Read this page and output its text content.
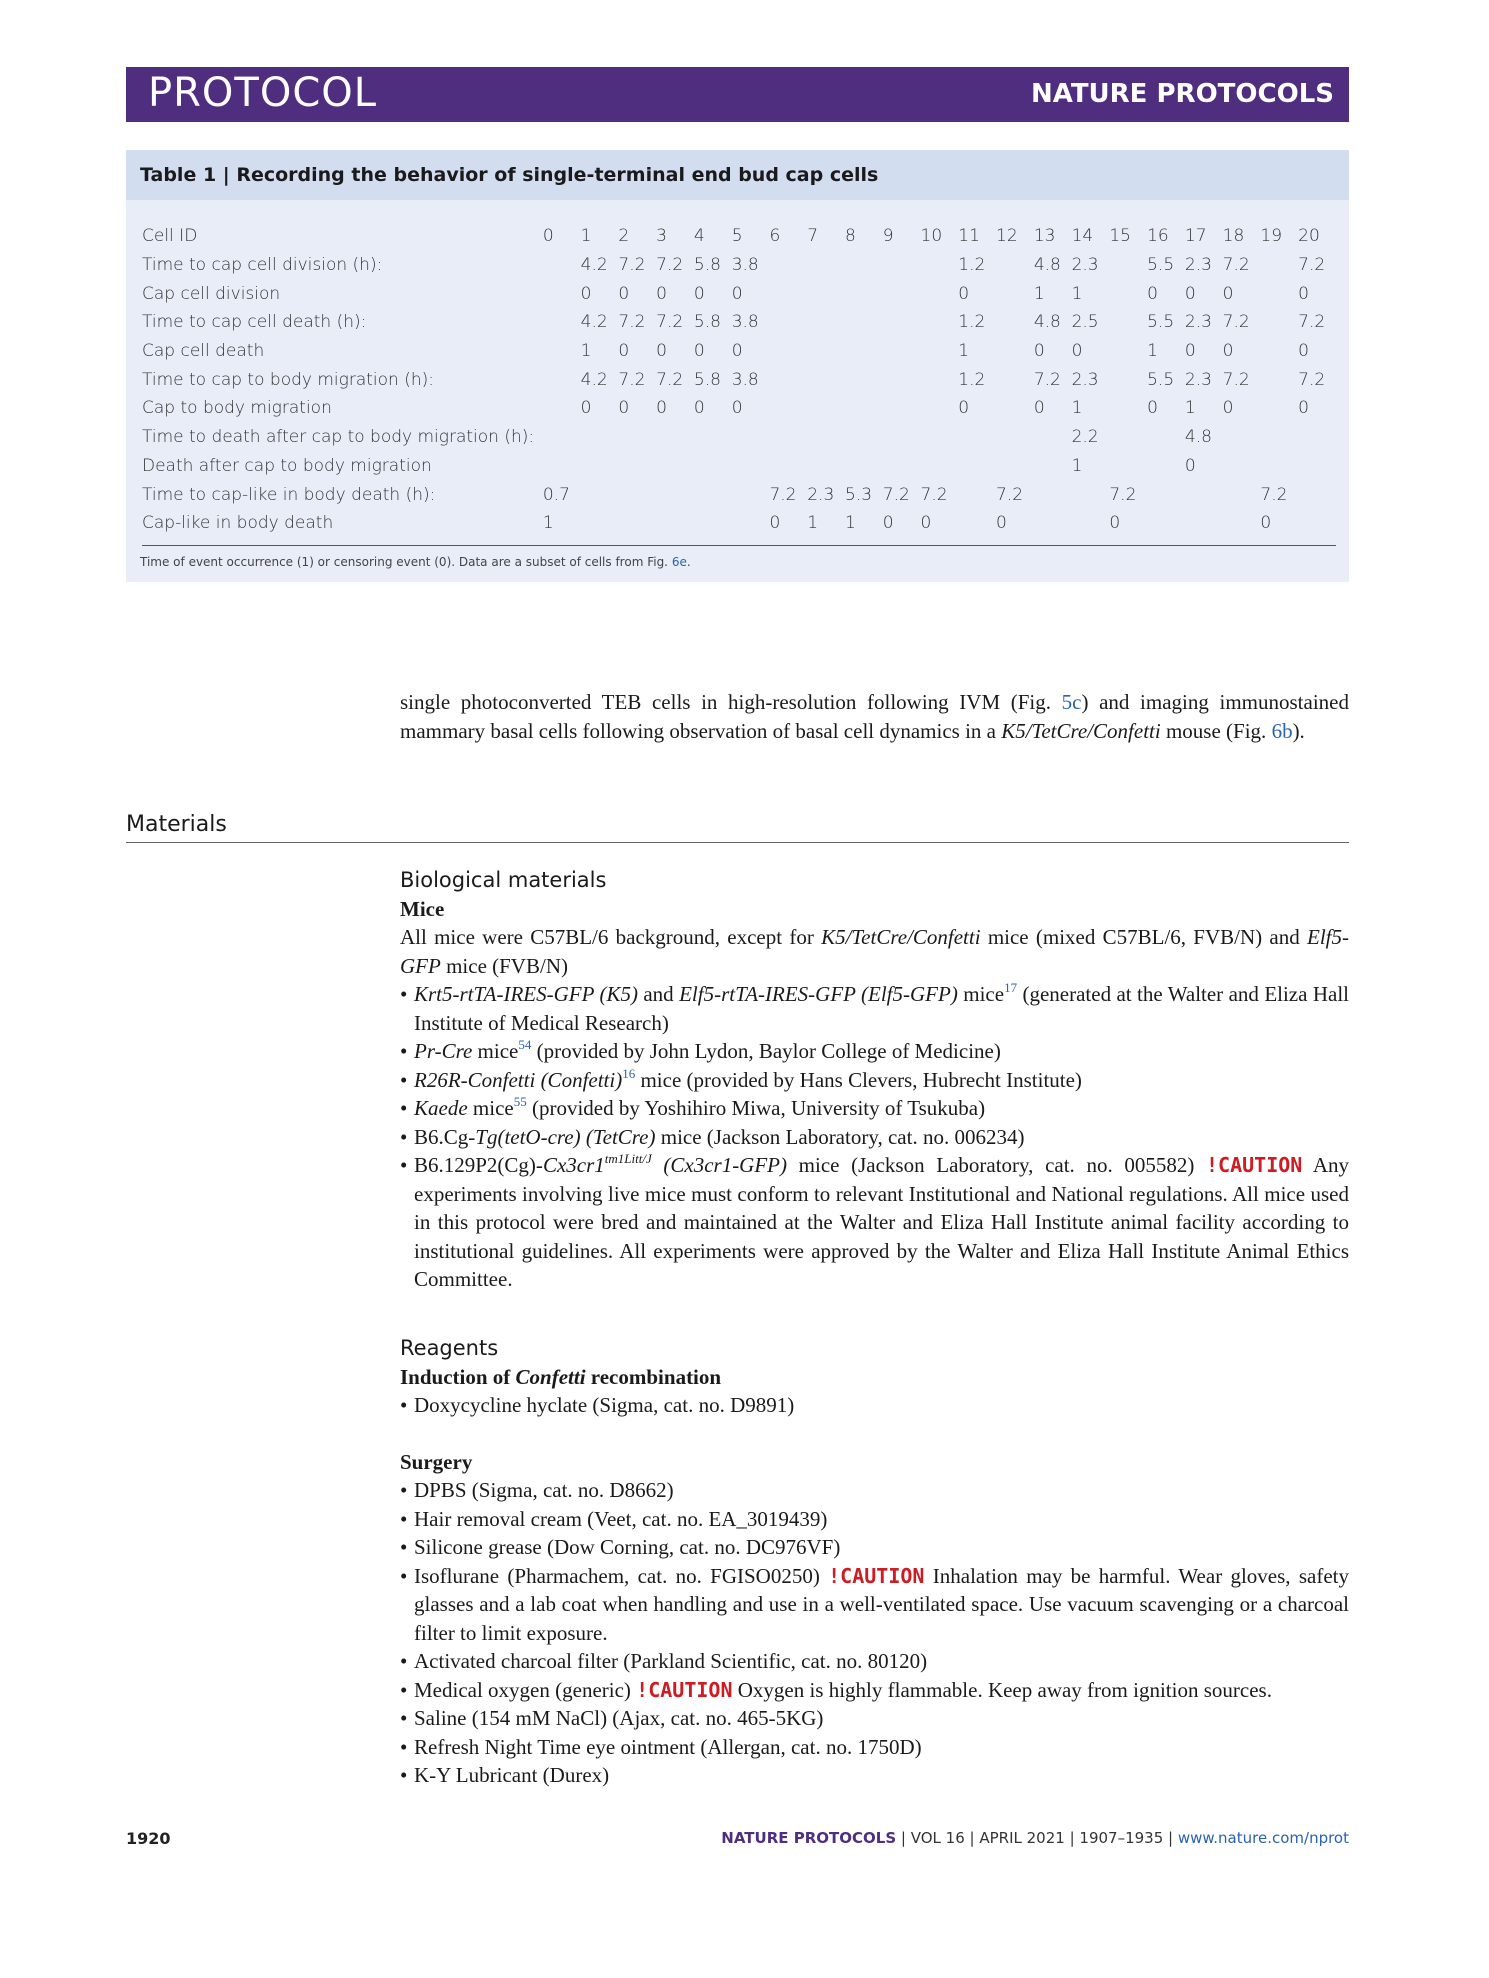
PROTOCOL	NATURE PROTOCOLS
Table 1 | Recording the behavior of single-terminal end bud cap cells
Cell ID	0	1	2	3	4	5	6	7	8	9	10	11	12	13	14	15	16	17	18	19	20
Time to cap cell division (h):		4.2	7.2	7.2	5.8	3.8						1.2		4.8	2.3		5.5	2.3	7.2		7.2
Cap cell division		0	0	0	0	0						0		1	1		0	0	0		0
Time to cap cell death (h):		4.2	7.2	7.2	5.8	3.8						1.2		4.8	2.5		5.5	2.3	7.2		7.2
Cap cell death		1	0	0	0	0						1		0	0		1	0	0		0
Time to cap to body migration (h):		4.2	7.2	7.2	5.8	3.8						1.2		7.2	2.3		5.5	2.3	7.2		7.2
Cap to body migration		0	0	0	0	0						0		0	1		0	1	0		0
Time to death after cap to body migration (h):															2.2			4.8			
Death after cap to body migration															1			0			
Time to cap-like in body death (h):	0.7						7.2	2.3	5.3	7.2	7.2		7.2			7.2				7.2	
Cap-like in body death	1						0	1	1	0	0		0			0				0	
Time of event occurrence (1) or censoring event (0). Data are a subset of cells from Fig. 6e.
single photoconverted TEB cells in high-resolution following IVM (Fig. 5c) and imaging immunostained mammary basal cells following observation of basal cell dynamics in a K5/TetCre/Confetti mouse (Fig. 6b).
Materials

Biological materials

Mice

All mice were C57BL/6 background, except for K5/TetCre/Confetti mice (mixed C57BL/6, FVB/N) and Elf5-GFP mice (FVB/N)

• Krt5-rtTA-IRES-GFP (K5) and Elf5-rtTA-IRES-GFP (Elf5-GFP) mice$^{17}$ (generated at the Walter and Eliza Hall Institute of Medical Research)

• Pr-Cre mice$^{54}$ (provided by John Lydon, Baylor College of Medicine)

• R26R-Confetti (Confetti)$^{16}$ mice (provided by Hans Clevers, Hubrecht Institute)

• Kaede mice$^{55}$ (provided by Yoshihiro Miwa, University of Tsukuba)

• B6.Cg-Tg(tetO-cre) (TetCre) mice (Jackson Laboratory, cat. no. 006234)

• $B6.129P2(Cg)-Cx3cr1^{tm1Litt/J}$ (Cx3cr1-GFP) mice (Jackson Laboratory, cat. no. 005582) !CAUTION Any experiments involving live mice must conform to relevant Institutional and National regulations. All mice used in this protocol were bred and maintained at the Walter and Eliza Hall Institute animal facility according to institutional guidelines. All experiments were approved by the Walter and Eliza Hall Institute Animal Ethics Committee.

Reagents

Induction of Confetti recombination

• Doxycycline hyclate (Sigma, cat. no. D9891)

Surgery

• DPBS (Sigma, cat. no. D8662)

• Hair removal cream (Veet, cat. no. EA_3019439)

• Silicone grease (Dow Corning, cat. no. DC976VF)

• Isoflurane (Pharmachem, cat. no. FGISO0250) !CAUTION Inhalation may be harmful. Wear gloves, safety glasses and a lab coat when handling and use in a well-ventilated space. Use vacuum scavenging or a charcoal filter to limit exposure.

• Activated charcoal filter (Parkland Scientific, cat. no. 80120)

• Medical oxygen (generic) !CAUTION Oxygen is highly flammable. Keep away from ignition sources.

• Saline (154 mM NaCl) (Ajax, cat. no. 465-5KG)

• Refresh Night Time eye ointment (Allergan, cat. no. 1750D)

• K-Y Lubricant (Durex)

1920	NATURE PROTOCOLS | VOL 16 | APRIL 2021 | 1907–1935 | www.nature.com/nprot
